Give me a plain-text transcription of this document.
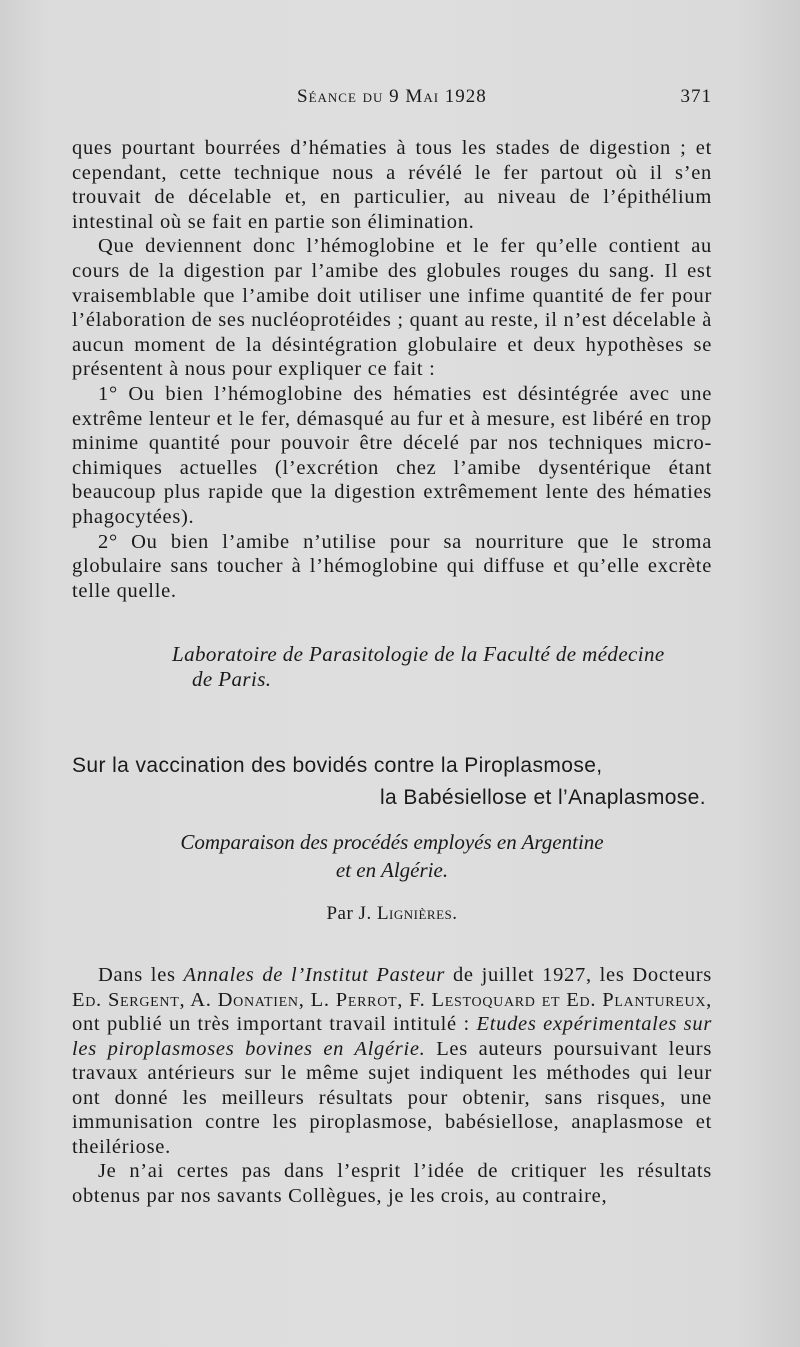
Séance du 9 Mai 1928	371

ques pourtant bourrées d’hématies à tous les stades de digestion ; et cependant, cette technique nous a révélé le fer partout où il s’en trouvait de décelable et, en particulier, au niveau de l’épithélium intestinal où se fait en partie son élimination.

Que deviennent donc l’hémoglobine et le fer qu’elle contient au cours de la digestion par l’amibe des globules rouges du sang. Il est vraisemblable que l’amibe doit utiliser une infime quantité de fer pour l’élaboration de ses nucléoprotéides ; quant au reste, il n’est décelable à aucun moment de la désintégration globulaire et deux hypothèses se présentent à nous pour expliquer ce fait :

1° Ou bien l’hémoglobine des hématies est désintégrée avec une extrême lenteur et le fer, démasqué au fur et à mesure, est libéré en trop minime quantité pour pouvoir être décelé par nos techniques micro-chimiques actuelles (l’excrétion chez l’amibe dysentérique étant beaucoup plus rapide que la digestion extrêmement lente des hématies phagocytées).

2° Ou bien l’amibe n’utilise pour sa nourriture que le stroma globulaire sans toucher à l’hémoglobine qui diffuse et qu’elle excrète telle quelle.

Laboratoire de Parasitologie de la Faculté de médecine
de Paris.
Sur la vaccination des bovidés contre la Piroplasmose,
la Babésiellose et l’Anaplasmose.
Comparaison des procédés employés en Argentine
et en Algérie.
Par J. Lignières.

Dans les Annales de l’Institut Pasteur de juillet 1927, les Docteurs Ed. Sergent, A. Donatien, L. Perrot, F. Lestoquard et Ed. Plantureux, ont publié un très important travail intitulé : Etudes expérimentales sur les piroplasmoses bovines en Algérie. Les auteurs poursuivant leurs travaux antérieurs sur le même sujet indiquent les méthodes qui leur ont donné les meilleurs résultats pour obtenir, sans risques, une immunisation contre les piroplasmose, babésiellose, anaplasmose et theilériose.

Je n’ai certes pas dans l’esprit l’idée de critiquer les résultats obtenus par nos savants Collègues, je les crois, au contraire,
